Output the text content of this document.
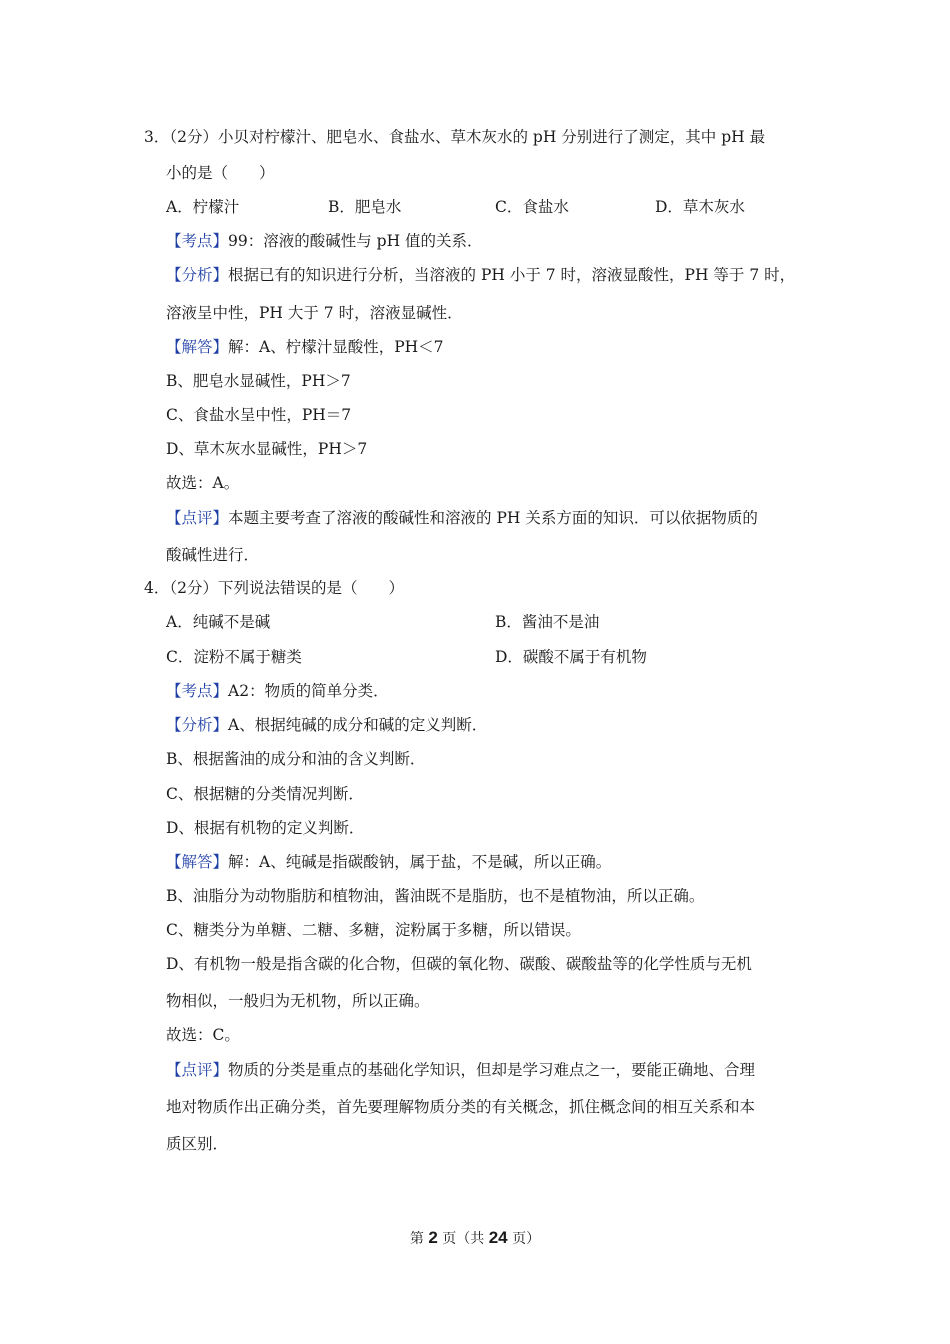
3．（2分）小贝对柠檬汁、肥皂水、食盐水、草木灰水的 pH 分别进行了测定，其中 pH 最
小的是（　　）
A．柠檬汁	B．肥皂水	C．食盐水	D．草木灰水
【考点】99：溶液的酸碱性与 pH 值的关系．
【分析】根据已有的知识进行分析，当溶液的 PH 小于 7 时，溶液显酸性，PH 等于 7 时，
溶液呈中性，PH 大于 7 时，溶液显碱性．
【解答】解：A、柠檬汁显酸性，PH＜7
B、肥皂水显碱性，PH＞7
C、食盐水呈中性，PH＝7
D、草木灰水显碱性，PH＞7
故选：A。
【点评】本题主要考查了溶液的酸碱性和溶液的 PH 关系方面的知识．可以依据物质的
酸碱性进行．
4．（2分）下列说法错误的是（　　）
A．纯碱不是碱	B．酱油不是油
C．淀粉不属于糖类	D．碳酸不属于有机物
【考点】A2：物质的简单分类．
【分析】A、根据纯碱的成分和碱的定义判断．
B、根据酱油的成分和油的含义判断．
C、根据糖的分类情况判断．
D、根据有机物的定义判断．
【解答】解：A、纯碱是指碳酸钠，属于盐，不是碱，所以正确。
B、油脂分为动物脂肪和植物油，酱油既不是脂肪，也不是植物油，所以正确。
C、糖类分为单糖、二糖、多糖，淀粉属于多糖，所以错误。
D、有机物一般是指含碳的化合物，但碳的氧化物、碳酸、碳酸盐等的化学性质与无机
物相似，一般归为无机物，所以正确。
故选：C。
【点评】物质的分类是重点的基础化学知识，但却是学习难点之一，要能正确地、合理
地对物质作出正确分类，首先要理解物质分类的有关概念，抓住概念间的相互关系和本
质区别．
第 2 页（共 24 页）
